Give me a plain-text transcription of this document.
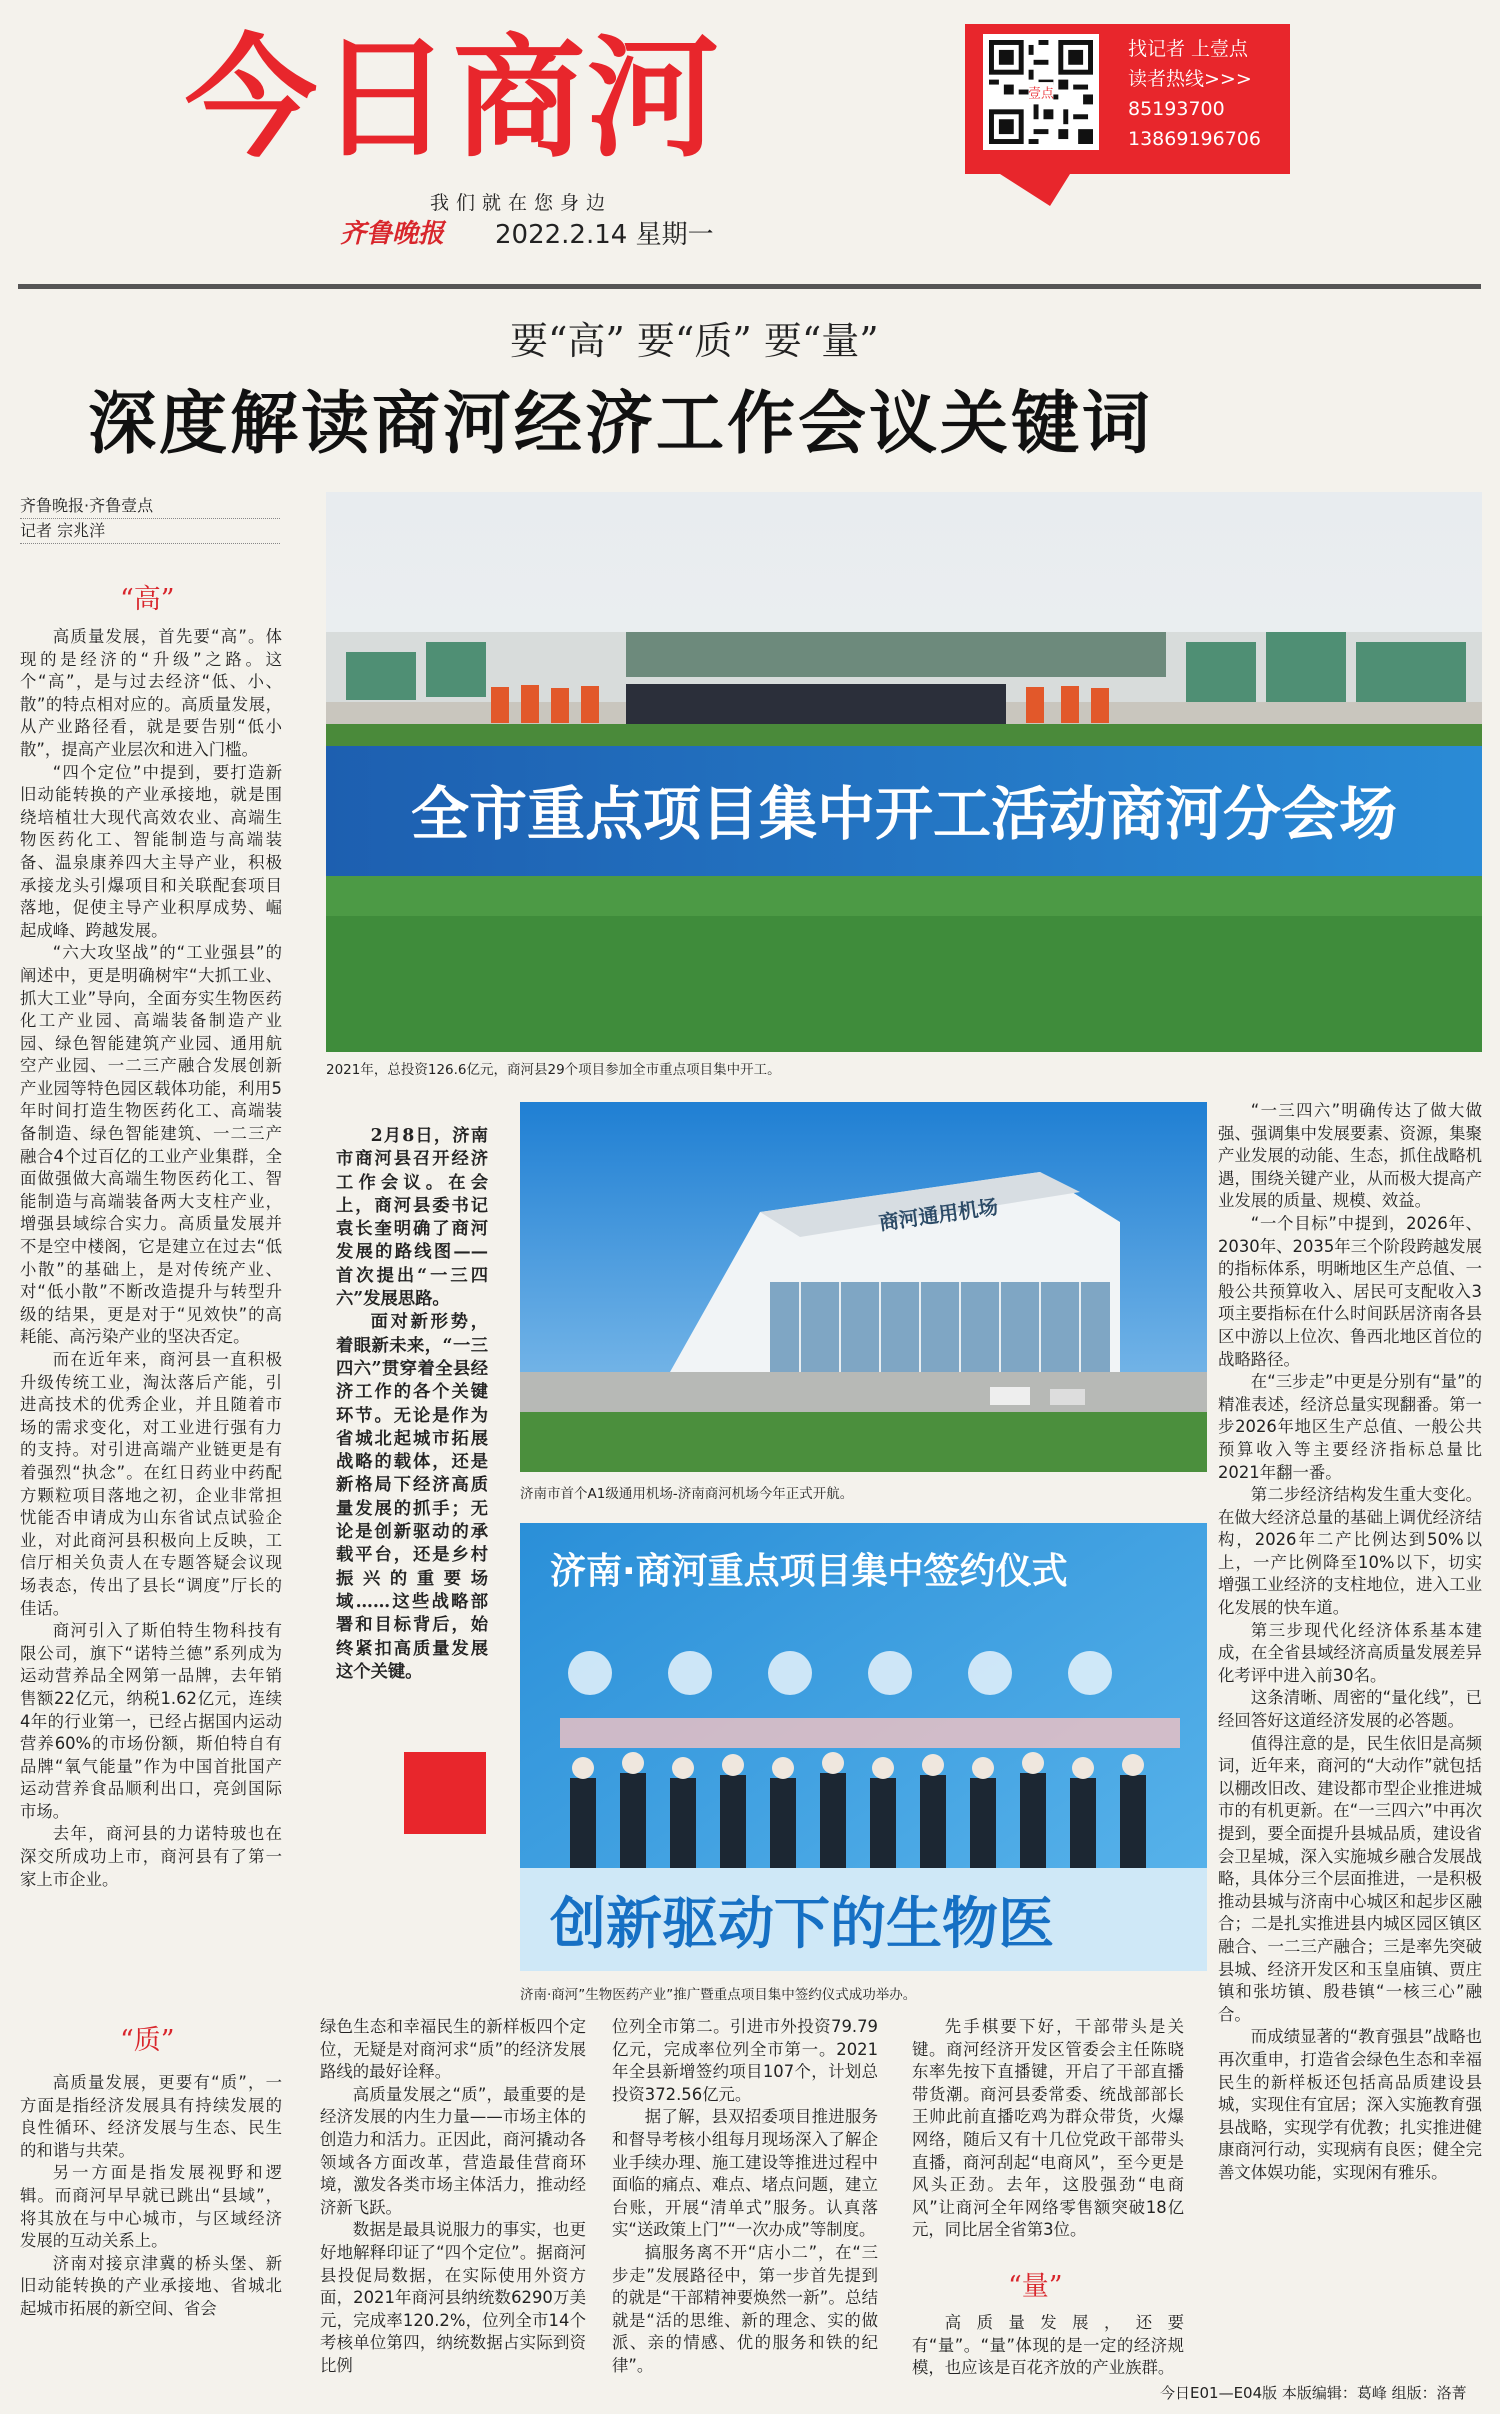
今日商河
我们就在您身边
齐鲁晚报 2022.2.14 星期一
壹点
找记者 上壹点
读者热线>>>
85193700
13869196706
要“高” 要“质” 要“量”
深度解读商河经济工作会议关键词
齐鲁晚报·齐鲁壹点
记者 宗兆洋
“高”

高质量发展，首先要“高”。体现的是经济的“升级”之路。这个“高”，是与过去经济“低、小、散”的特点相对应的。高质量发展，从产业路径看，就是要告别“低小散”，提高产业层次和进入门槛。

“四个定位”中提到，要打造新旧动能转换的产业承接地，就是围绕培植壮大现代高效农业、高端生物医药化工、智能制造与高端装备、温泉康养四大主导产业，积极承接龙头引爆项目和关联配套项目落地，促使主导产业积厚成势、崛起成峰、跨越发展。

“六大攻坚战”的“工业强县”的阐述中，更是明确树牢“大抓工业、抓大工业”导向，全面夯实生物医药化工产业园、高端装备制造产业园、绿色智能建筑产业园、通用航空产业园、一二三产融合发展创新产业园等特色园区载体功能，利用5年时间打造生物医药化工、高端装备制造、绿色智能建筑、一二三产融合4个过百亿的工业产业集群，全面做强做大高端生物医药化工、智能制造与高端装备两大支柱产业，增强县域综合实力。高质量发展并不是空中楼阁，它是建立在过去“低小散”的基础上，是对传统产业、对“低小散”不断改造提升与转型升级的结果，更是对于“见效快”的高耗能、高污染产业的坚决否定。

而在近年来，商河县一直积极升级传统工业，淘汰落后产能，引进高技术的优秀企业，并且随着市场的需求变化，对工业进行强有力的支持。对引进高端产业链更是有着强烈“执念”。在红日药业中药配方颗粒项目落地之初，企业非常担忧能否申请成为山东省试点试验企业，对此商河县积极向上反映，工信厅相关负责人在专题答疑会议现场表态，传出了县长“调度”厅长的佳话。

商河引入了斯伯特生物科技有限公司，旗下“诺特兰德”系列成为运动营养品全网第一品牌，去年销售额22亿元，纳税1.62亿元，连续4年的行业第一，已经占据国内运动营养60%的市场份额，斯伯特自有品牌“氧气能量”作为中国首批国产运动营养食品顺利出口，亮剑国际市场。

去年，商河县的力诺特玻也在深交所成功上市，商河县有了第一家上市企业。

“质”

高质量发展，更要有“质”，一方面是指经济发展具有持续发展的良性循环、经济发展与生态、民生的和谐与共荣。

另一方面是指发展视野和逻辑。而商河早早就已跳出“县域”，将其放在与中心城市，与区域经济发展的互动关系上。

济南对接京津冀的桥头堡、新旧动能转换的产业承接地、省城北起城市拓展的新空间、省会

全市重点项目集中开工活动商河分会场
2021年，总投资126.6亿元，商河县29个项目参加全市重点项目集中开工。

2月8日，济南市商河县召开经济工作会议。在会上，商河县委书记袁长奎明确了商河发展的路线图——首次提出“一三四六”发展思路。

面对新形势，着眼新未来，“一三四六”贯穿着全县经济工作的各个关键环节。无论是作为省城北起城市拓展战略的载体，还是新格局下经济高质量发展的抓手；无论是创新驱动的承载平台，还是乡村振兴的重要场域……这些战略部署和目标背后，始终紧扣高质量发展这个关键。

商河通用机场
济南市首个A1级通用机场-济南商河机场今年正式开航。
济南·商河重点项目集中签约仪式
创新驱动下的生物医
济南·商河”生物医药产业”推广暨重点项目集中签约仪式成功举办。

绿色生态和幸福民生的新样板四个定位，无疑是对商河求“质”的经济发展路线的最好诠释。

高质量发展之“质”，最重要的是经济发展的内生力量——市场主体的创造力和活力。正因此，商河撬动各领域各方面改革，营造最佳营商环境，激发各类市场主体活力，推动经济新飞跃。

数据是最具说服力的事实，也更好地解释印证了“四个定位”。据商河县投促局数据，在实际使用外资方面，2021年商河县纳统数6290万美元，完成率120.2%，位列全市14个考核单位第四，纳统数据占实际到资比例

位列全市第二。引进市外投资79.79亿元，完成率位列全市第一。2021年全县新增签约项目107个，计划总投资372.56亿元。

据了解，县双招委项目推进服务和督导考核小组每月现场深入了解企业手续办理、施工建设等推进过程中面临的痛点、难点、堵点问题，建立台账，开展“清单式”服务。认真落实“送政策上门”“一次办成”等制度。

搞服务离不开“店小二”，在“三步走”发展路径中，第一步首先提到的就是“干部精神要焕然一新”。总结就是“活的思维、新的理念、实的做派、亲的情感、优的服务和铁的纪律”。

先手棋要下好，干部带头是关键。商河经济开发区管委会主任陈晓东率先按下直播键，开启了干部直播带货潮。商河县委常委、统战部部长王帅此前直播吃鸡为群众带货，火爆网络，随后又有十几位党政干部带头直播，商河刮起“电商风”，至今更是风头正劲。去年，这股强劲“电商风”让商河全年网络零售额突破18亿元，同比居全省第3位。

“量”

高质量发展，还要有“量”。“量”体现的是一定的经济规模，也应该是百花齐放的产业族群。

“一三四六”明确传达了做大做强、强调集中发展要素、资源，集聚产业发展的动能、生态，抓住战略机遇，围绕关键产业，从而极大提高产业发展的质量、规模、效益。

“一个目标”中提到，2026年、2030年、2035年三个阶段跨越发展的指标体系，明晰地区生产总值、一般公共预算收入、居民可支配收入3项主要指标在什么时间跃居济南各县区中游以上位次、鲁西北地区首位的战略路径。

在“三步走”中更是分别有“量”的精准表述，经济总量实现翻番。第一步2026年地区生产总值、一般公共预算收入等主要经济指标总量比2021年翻一番。

第二步经济结构发生重大变化。在做大经济总量的基础上调优经济结构，2026年二产比例达到50%以上，一产比例降至10%以下，切实增强工业经济的支柱地位，进入工业化发展的快车道。

第三步现代化经济体系基本建成，在全省县域经济高质量发展差异化考评中进入前30名。

这条清晰、周密的“量化线”，已经回答好这道经济发展的必答题。

值得注意的是，民生依旧是高频词，近年来，商河的“大动作”就包括以棚改旧改、建设都市型企业推进城市的有机更新。在“一三四六”中再次提到，要全面提升县城品质，建设省会卫星城，深入实施城乡融合发展战略，具体分三个层面推进，一是积极推动县城与济南中心城区和起步区融合；二是扎实推进县内城区园区镇区融合、一二三产融合；三是率先突破县城、经济开发区和玉皇庙镇、贾庄镇和张坊镇、殷巷镇“一核三心”融合。

而成绩显著的“教育强县”战略也再次重申，打造省会绿色生态和幸福民生的新样板还包括高品质建设县城，实现住有宜居；深入实施教育强县战略，实现学有优教；扎实推进健康商河行动，实现病有良医；健全完善文体娱功能，实现闲有雅乐。

今日E01—E04版 本版编辑：葛峰 组版：洛菁
